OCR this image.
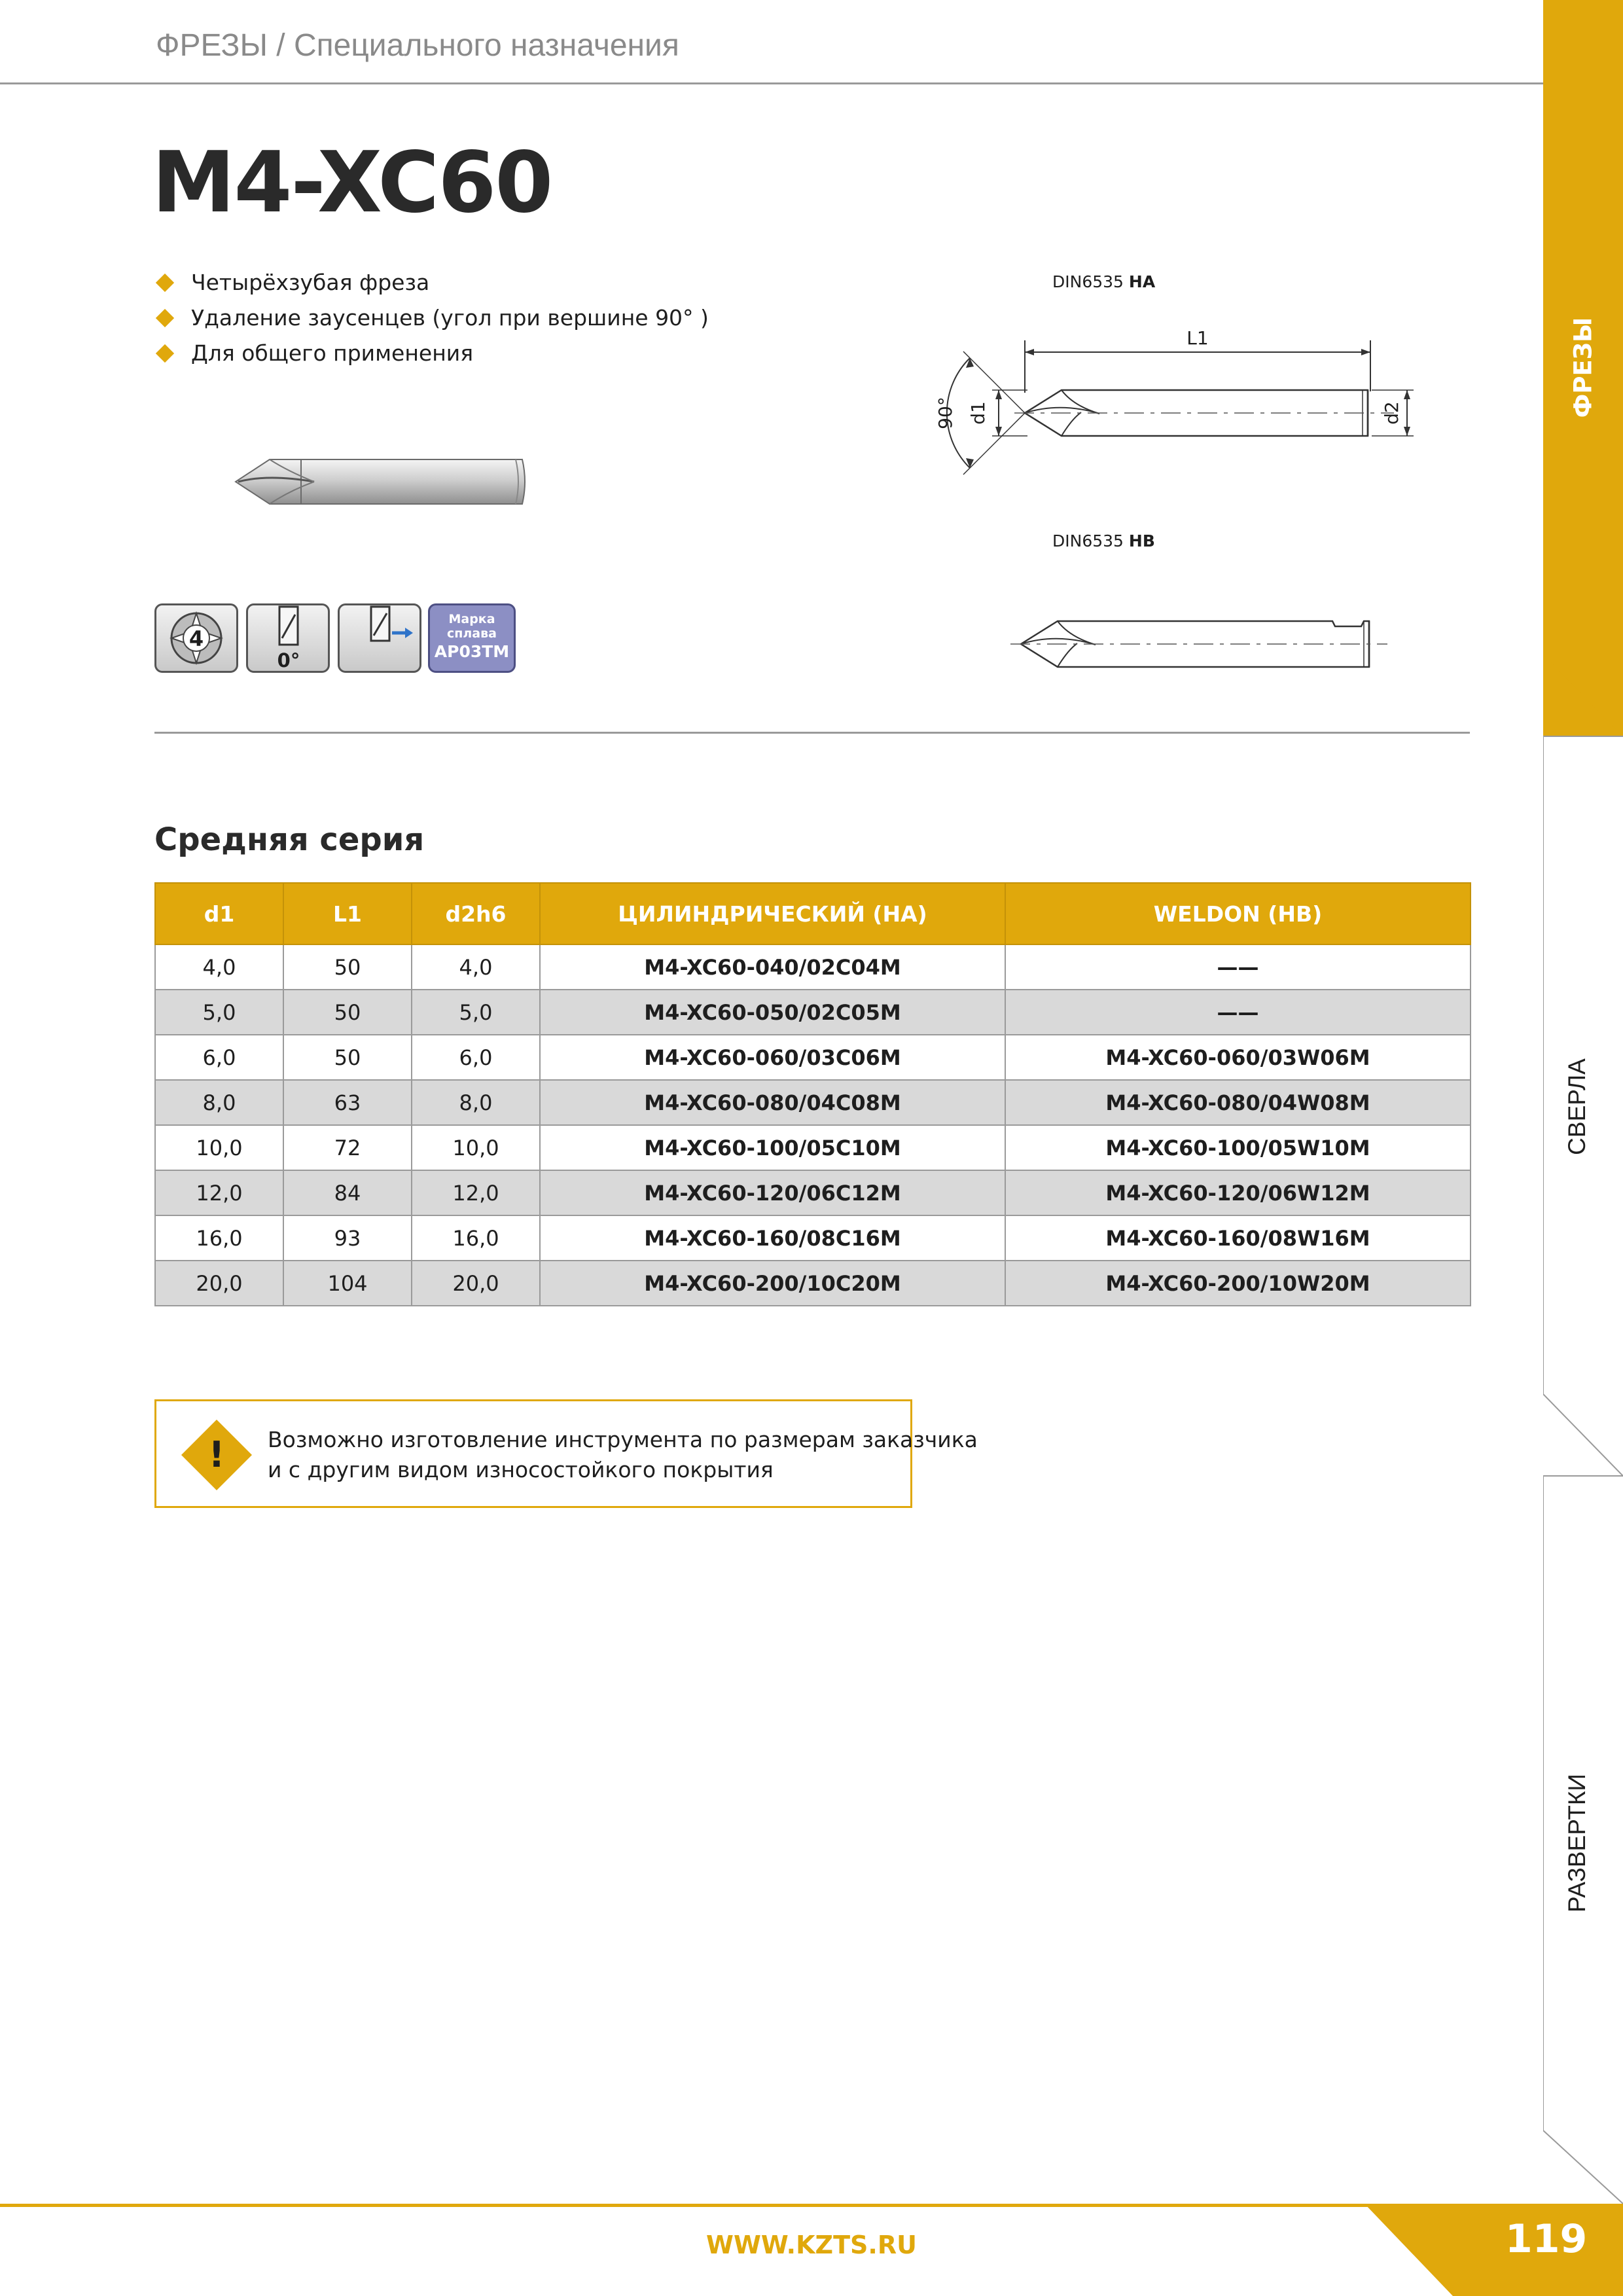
ФРЕЗЫ / Специального назначения
M4-XC60
Четырёхзубая фреза
Удаление заусенцев (угол при вершине 90° )
Для общего применения
4
0°
Марка
сплава
AP03TM
DIN6535 HA
L1
d2
d1
90°
DIN6535 HB
Средняя серия
d1	L1	d2h6	ЦИЛИНДРИЧЕСКИЙ (НА)	WELDON (HB)
4,0	50	4,0	M4-XC60-040/02C04M	——
5,0	50	5,0	M4-XC60-050/02C05M	——
6,0	50	6,0	M4-XC60-060/03C06M	M4-XC60-060/03W06M
8,0	63	8,0	M4-XC60-080/04C08M	M4-XC60-080/04W08M
10,0	72	10,0	M4-XC60-100/05C10M	M4-XC60-100/05W10M
12,0	84	12,0	M4-XC60-120/06C12M	M4-XC60-120/06W12M
16,0	93	16,0	M4-XC60-160/08C16M	M4-XC60-160/08W16M
20,0	104	20,0	M4-XC60-200/10C20M	M4-XC60-200/10W20M
! Возможно изготовление инструмента по размерам заказчика
и с другим видом износостойкого покрытия
ФРЕЗЫ
СВЕРЛА
РАЗВЕРТКИ
WWW.KZTS.RU	119
